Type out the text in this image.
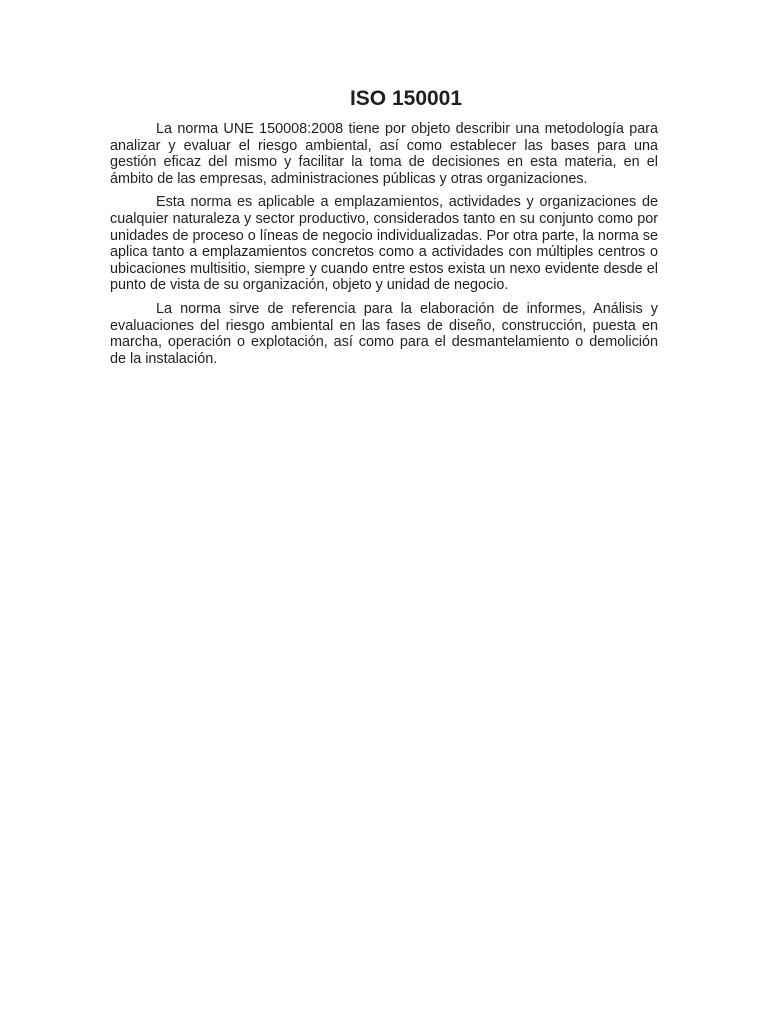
ISO 150001

La norma UNE 150008:2008 tiene por objeto describir una metodología para analizar y evaluar el riesgo ambiental, así como establecer las bases para una gestión eficaz del mismo y facilitar la toma de decisiones en esta materia, en el ámbito de las empresas, administraciones públicas y otras organizaciones.

Esta norma es aplicable a emplazamientos, actividades y organizaciones de cualquier naturaleza y sector productivo, considerados tanto en su conjunto como por unidades de proceso o líneas de negocio individualizadas. Por otra parte, la norma se aplica tanto a emplazamientos concretos como a actividades con múltiples centros o ubicaciones multisitio, siempre y cuando entre estos exista un nexo evidente desde el punto de vista de su organización, objeto y unidad de negocio.

La norma sirve de referencia para la elaboración de informes, Análisis y evaluaciones del riesgo ambiental en las fases de diseño, construcción, puesta en marcha, operación o explotación, así como para el desmantelamiento o demolición de la instalación.
